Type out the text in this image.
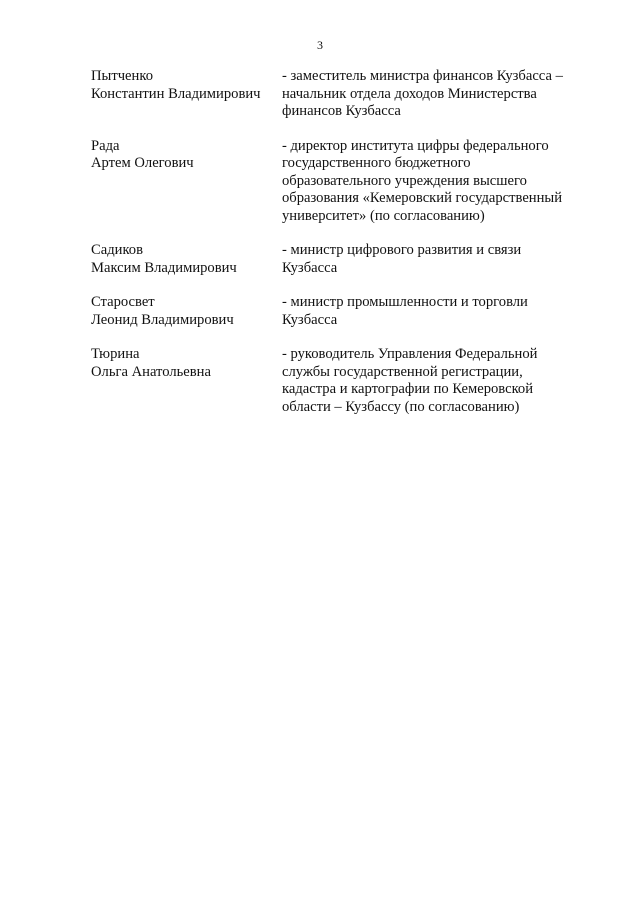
3
Пытченко
Константин Владимирович
- заместитель министра финансов Кузбасса –
начальник отдела доходов Министерства
финансов Кузбасса
Рада
Артем Олегович
- директор института цифры федерального
государственного бюджетного
образовательного учреждения высшего
образования «Кемеровский государственный
университет» (по согласованию)
Садиков
Максим Владимирович
- министр цифрового развития и связи
Кузбасса
Старосвет
Леонид Владимирович
- министр промышленности и торговли
Кузбасса
Тюрина
Ольга Анатольевна
- руководитель Управления Федеральной
службы государственной регистрации,
кадастра и картографии по Кемеровской
области – Кузбассу (по согласованию)
